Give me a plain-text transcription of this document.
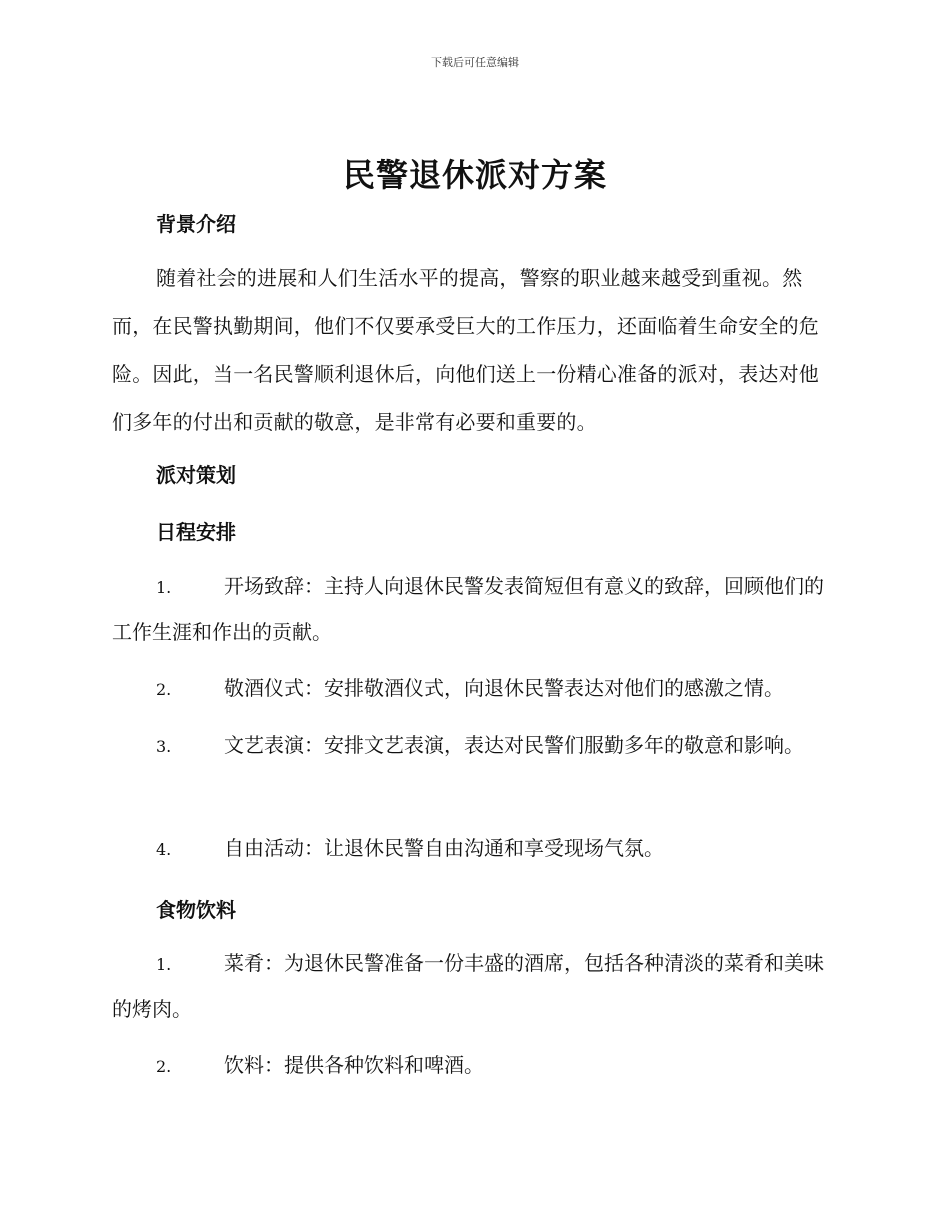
下载后可任意编辑
民警退休派对方案
背景介绍
随着社会的进展和人们生活水平的提高，警察的职业越来越受到重视。然而，在民警执勤期间，他们不仅要承受巨大的工作压力，还面临着生命安全的危险。因此，当一名民警顺利退休后，向他们送上一份精心准备的派对，表达对他们多年的付出和贡献的敬意，是非常有必要和重要的。
派对策划
日程安排
1.	开场致辞：主持人向退休民警发表简短但有意义的致辞，回顾他们的工作生涯和作出的贡献。
2.	敬酒仪式：安排敬酒仪式，向退休民警表达对他们的感激之情。
3.	文艺表演：安排文艺表演，表达对民警们服勤多年的敬意和影响。
4.	自由活动：让退休民警自由沟通和享受现场气氛。
食物饮料
1.	菜肴：为退休民警准备一份丰盛的酒席，包括各种清淡的菜肴和美味的烤肉。
2.	饮料：提供各种饮料和啤酒。
